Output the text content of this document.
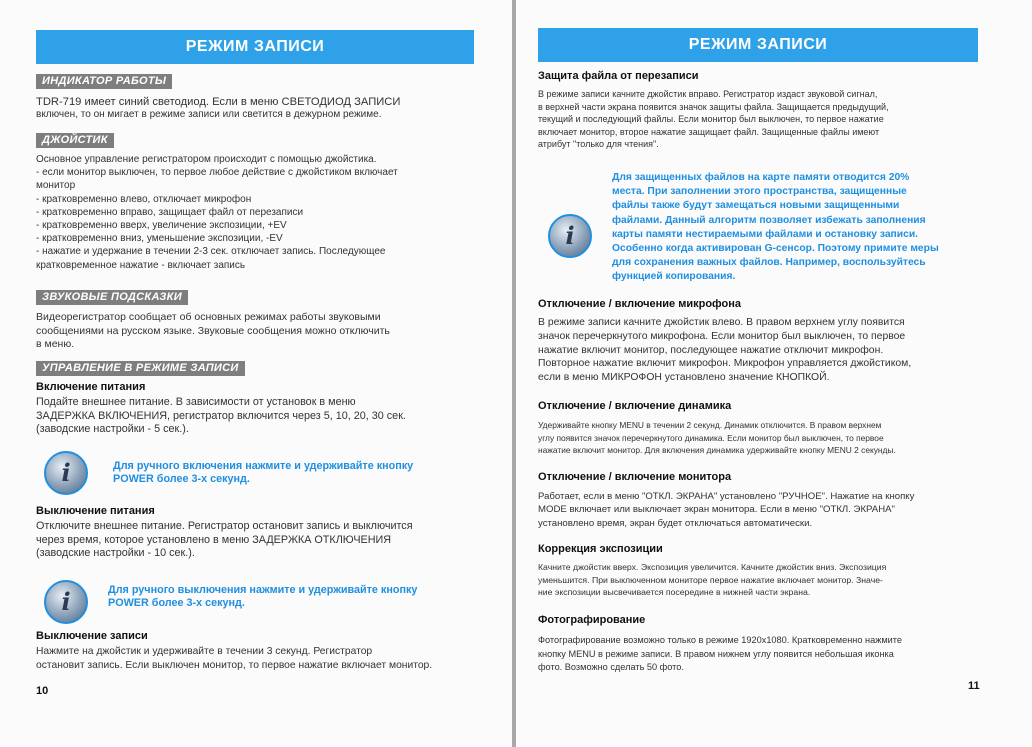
РЕЖИМ ЗАПИСИ
ИНДИКАТОР РАБОТЫ

TDR-719 имеет синий светодиод. Если в меню СВЕТОДИОД ЗАПИСИ

включен, то он мигает в режиме записи или светится в дежурном режиме.

ДЖОЙСТИК

Основное управление регистратором происходит с помощью джойстика.

- если монитор выключен, то первое любое действие с джойстиком включает

монитор

- кратковременно влево, отключает микрофон

- кратковременно вправо, защищает файл от перезаписи

- кратковременно вверх, увеличение экспозиции, +EV

- кратковременно вниз, уменьшение экспозиции, -EV

- нажатие и удержание в течении 2-3 сек. отключает запись. Последующее

кратковременное нажатие - включает запись

ЗВУКОВЫЕ ПОДСКАЗКИ

Видеорегистратор сообщает об основных режимах работы звуковыми

сообщениями на русском языке. Звуковые сообщения можно отключить

в меню.

УПРАВЛЕНИЕ В РЕЖИМЕ ЗАПИСИ
Включение питания

Подайте внешнее питание. В зависимости от установок в меню

ЗАДЕРЖКА ВКЛЮЧЕНИЯ, регистратор включится через 5, 10, 20, 30 сек.

(заводские настройки - 5 сек.).

i	Для ручного включения нажмите и удерживайте кнопку

POWER более 3-х секунд.

Выключение питания

Отключите внешнее питание. Регистратор остановит запись и выключится

через время, которое установлено в меню ЗАДЕРЖКА ОТКЛЮЧЕНИЯ

(заводские настройки - 10 сек.).

i	Для ручного выключения нажмите и удерживайте кнопку

POWER более 3-х секунд.

Выключение записи

Нажмите на джойстик и удерживайте в течении 3 секунд. Регистратор

остановит запись. Если выключен монитор, то первое нажатие включает монитор.

10
РЕЖИМ ЗАПИСИ
Защита файла от перезаписи

В режиме записи качните джойстик вправо. Регистратор издаст звуковой сигнал,

в верхней части экрана появится значок защиты файла. Защищается предыдущий,

текущий и последующий файлы. Если монитор был выключен, то первое нажатие

включает монитор, второе нажатие защищает файл. Защищенные файлы имеют

атрибут "только для чтения".

i

Для защищенных файлов на карте памяти отводится 20%

места. При заполнении этого пространства, защищенные

файлы также будут замещаться новыми защищенными

файлами. Данный алгоритм позволяет избежать заполнения

карты памяти нестираемыми файлами и остановку записи.

Особенно когда активирован G-сенсор. Поэтому примите меры

для сохранения важных файлов. Например, воспользуйтесь

функцией копирования.

Отключение / включение микрофона

В режиме записи качните джойстик влево. В правом верхнем углу появится

значок перечеркнутого микрофона. Если монитор был выключен, то первое

нажатие включит монитор, последующее нажатие отключит микрофон.

Повторное нажатие включит микрофон. Микрофон управляется джойстиком,

если в меню МИКРОФОН установлено значение КНОПКОЙ.

Отключение / включение динамика

Удерживайте кнопку MENU в течении 2 секунд. Динамик отключится. В правом верхнем

углу появится значок перечеркнутого динамика. Если монитор был выключен, то первое

нажатие включит монитор. Для включения динамика удерживайте кнопку MENU 2 секунды.

Отключение / включение монитора

Работает, если в меню "ОТКЛ. ЭКРАНА" установлено "РУЧНОЕ". Нажатие на кнопку

MODE включает или выключает экран монитора. Если в меню "ОТКЛ. ЭКРАНА"

установлено время, экран будет отключаться автоматически.

Коррекция экспозиции

Качните джойстик вверх. Экспозиция увеличится. Качните джойстик вниз. Экспозиция

уменьшится. При выключенном мониторе первое нажатие включает монитор. Значе-

ние экспозиции высвечивается посередине в нижней части экрана.

Фотографирование

Фотографирование возможно только в режиме 1920x1080. Кратковременно нажмите

кнопку MENU в режиме записи. В правом нижнем углу появится небольшая иконка

фото. Возможно сделать 50 фото.

11
